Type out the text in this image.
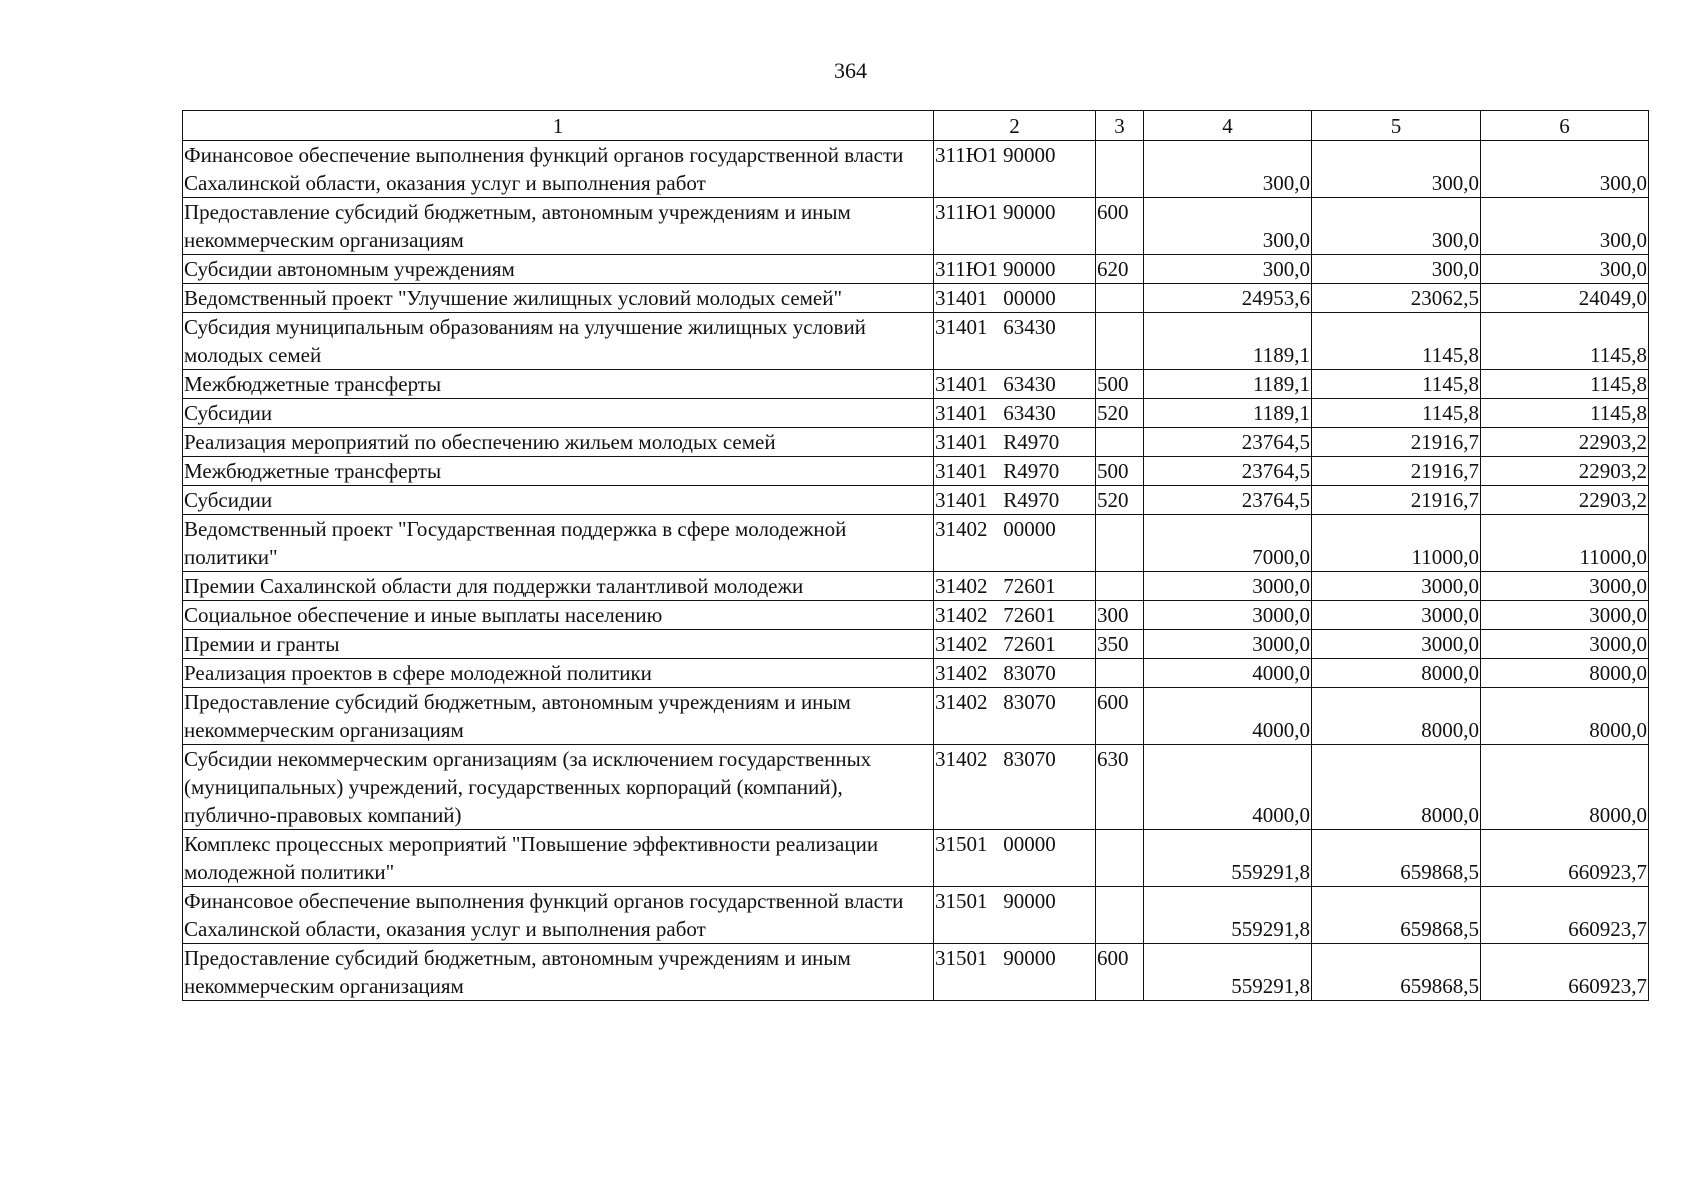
364
1	2	3	4	5	6
Финансовое обеспечение выполнения функций органов государственной власти Сахалинской области, оказания услуг и выполнения работ	311Ю1 90000		300,0	300,0	300,0
Предоставление субсидий бюджетным, автономным учреждениям и иным некоммерческим организациям	311Ю1 90000	600	300,0	300,0	300,0
Субсидии автономным учреждениям	311Ю1 90000	620	300,0	300,0	300,0
Ведомственный проект "Улучшение жилищных условий молодых семей"	31401   00000		24953,6	23062,5	24049,0
Субсидия муниципальным образованиям на улучшение жилищных условий молодых семей	31401   63430		1189,1	1145,8	1145,8
Межбюджетные трансферты	31401   63430	500	1189,1	1145,8	1145,8
Субсидии	31401   63430	520	1189,1	1145,8	1145,8
Реализация мероприятий по обеспечению жильем молодых семей	31401   R4970		23764,5	21916,7	22903,2
Межбюджетные трансферты	31401   R4970	500	23764,5	21916,7	22903,2
Субсидии	31401   R4970	520	23764,5	21916,7	22903,2
Ведомственный проект "Государственная поддержка в сфере молодежной политики"	31402   00000		7000,0	11000,0	11000,0
Премии Сахалинской области для поддержки талантливой молодежи	31402   72601		3000,0	3000,0	3000,0
Социальное обеспечение и иные выплаты населению	31402   72601	300	3000,0	3000,0	3000,0
Премии и гранты	31402   72601	350	3000,0	3000,0	3000,0
Реализация проектов в сфере молодежной политики	31402   83070		4000,0	8000,0	8000,0
Предоставление субсидий бюджетным, автономным учреждениям и иным некоммерческим организациям	31402   83070	600	4000,0	8000,0	8000,0
Субсидии некоммерческим организациям (за исключением государственных (муниципальных) учреждений, государственных корпораций (компаний), публично-правовых компаний)	31402   83070	630	4000,0	8000,0	8000,0
Комплекс процессных мероприятий "Повышение эффективности реализации молодежной политики"	31501   00000		559291,8	659868,5	660923,7
Финансовое обеспечение выполнения функций органов государственной власти Сахалинской области, оказания услуг и выполнения работ	31501   90000		559291,8	659868,5	660923,7
Предоставление субсидий бюджетным, автономным учреждениям и иным некоммерческим организациям	31501   90000	600	559291,8	659868,5	660923,7
